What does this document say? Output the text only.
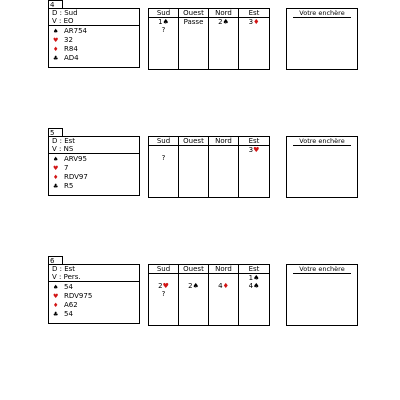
4
D : Sud
V : EO
♠ AR754
♥ 32
♦ R84
♣ AD4
Sud
1♠
?
Ouest
Passe
Nord
2♠
Est
3♦
Votre enchère
5
D : Est
V : NS
♠ ARV95
♥ 7
♦ RDV97
♣ R5
Sud
?
Ouest	Nord	Est
3♥
Votre enchère
6
D : Est
V : Pers.
♠ 54
♥ RDV975
♦ A62
♣ 54
Sud
2♥
?
Ouest
2♠
Nord
4♦
Est
1♠
4♠
Votre enchère
